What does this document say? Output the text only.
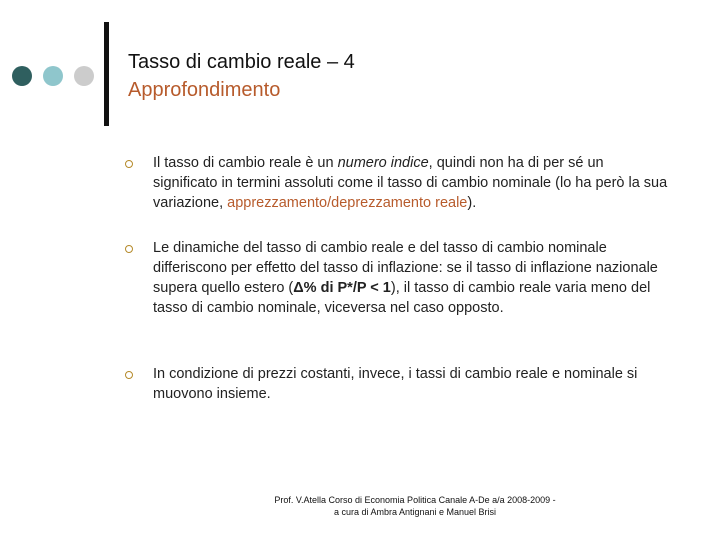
Tasso di cambio reale – 4
Approfondimento
Il tasso di cambio reale è un numero indice, quindi non ha di per sé un significato in termini assoluti come il tasso di cambio nominale (lo ha però la sua variazione, apprezzamento/deprezzamento reale).
Le dinamiche del tasso di cambio reale e del tasso di cambio nominale differiscono per effetto del tasso di inflazione: se il tasso di inflazione nazionale supera quello estero (Δ% di P*/P < 1), il tasso di cambio reale varia meno del tasso di cambio nominale, viceversa nel caso opposto.
In condizione di prezzi costanti, invece, i tassi di cambio reale e nominale si muovono insieme.
Prof. V.Atella Corso di Economia Politica Canale A-De a/a 2008-2009 -
a cura di Ambra Antignani e Manuel Brisi
